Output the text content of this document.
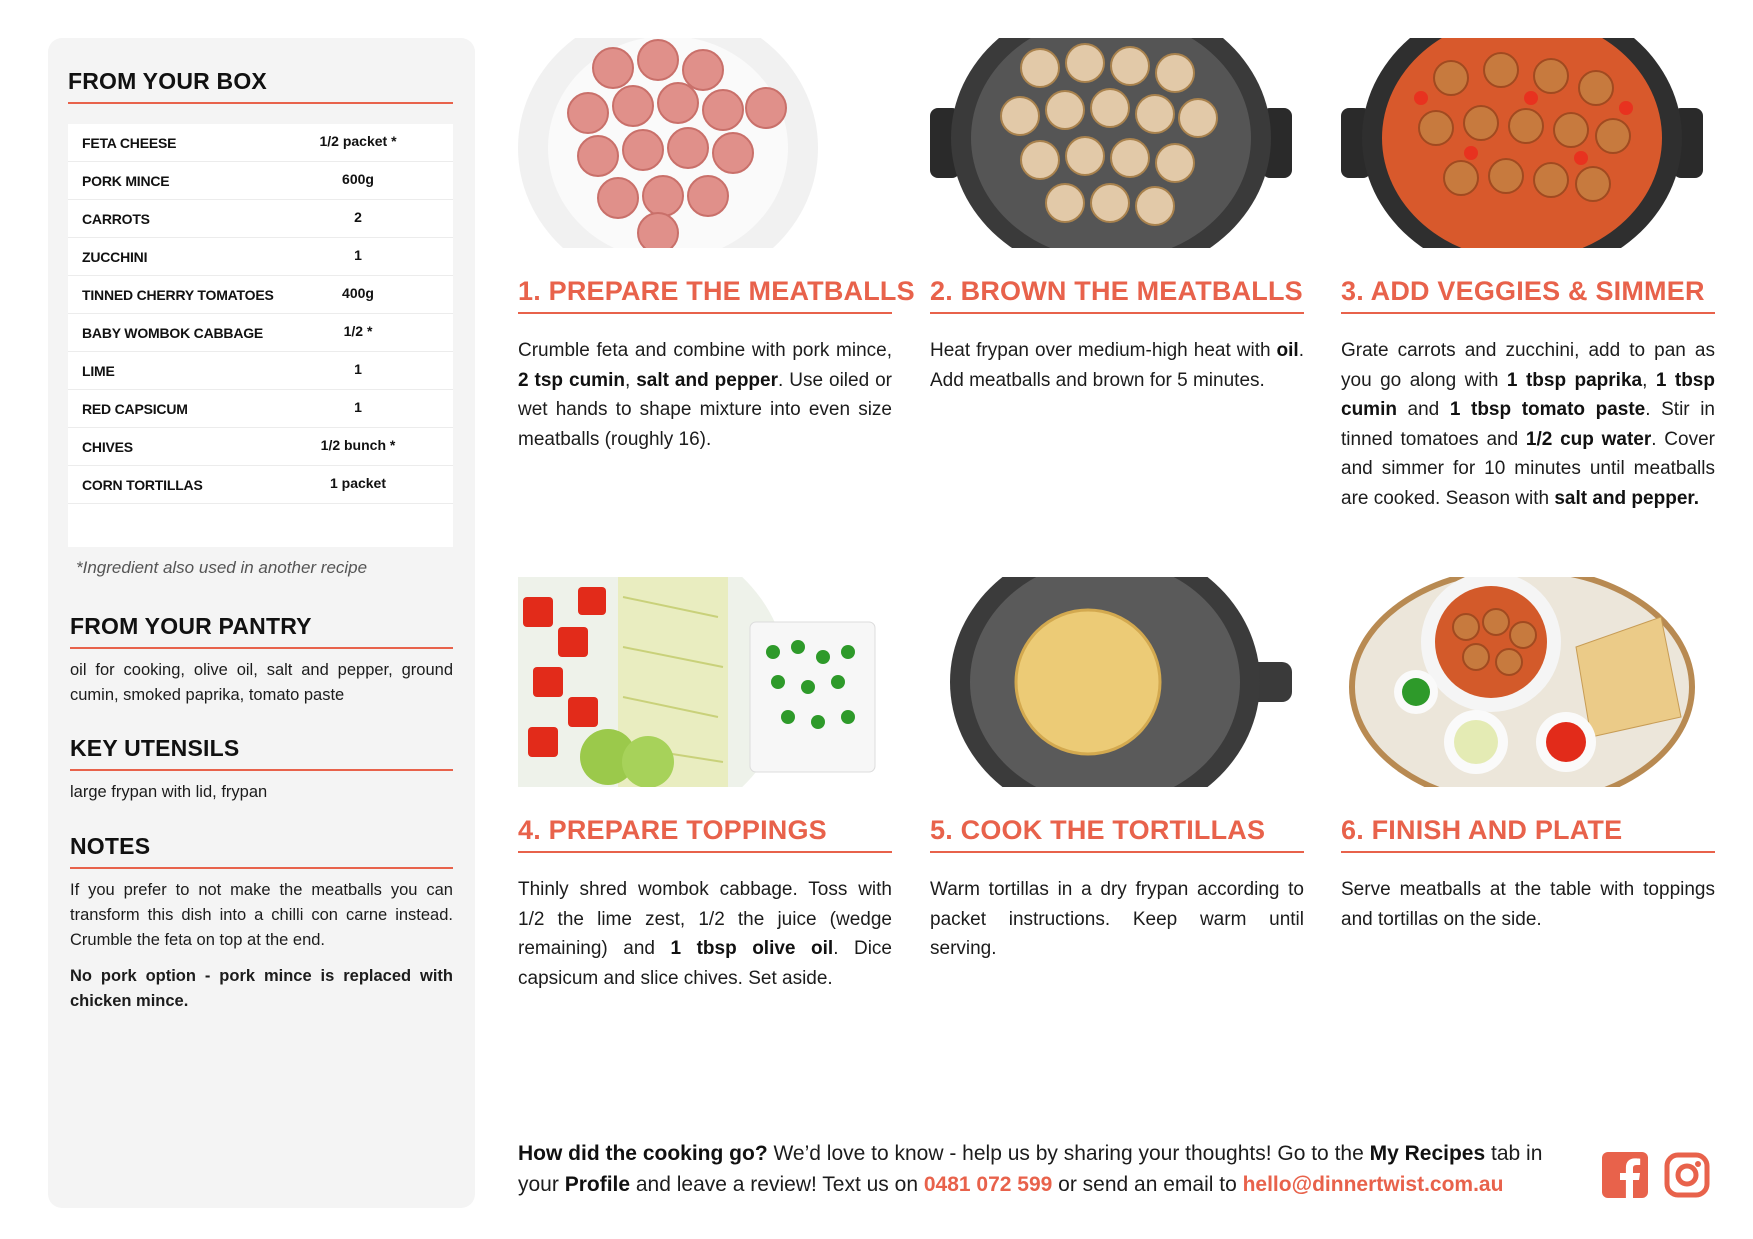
FROM YOUR BOX
FETA CHEESE	1/2 packet *
PORK MINCE	600g
CARROTS	2
ZUCCHINI	1
TINNED CHERRY TOMATOES	400g
BABY WOMBOK CABBAGE	1/2 *
LIME	1
RED CAPSICUM	1
CHIVES	1/2 bunch *
CORN TORTILLAS	1 packet
*Ingredient also used in another recipe
FROM YOUR PANTRY
oil for cooking, olive oil, salt and pepper, ground cumin, smoked paprika, tomato paste
KEY UTENSILS
large frypan with lid, frypan
NOTES
If you prefer to not make the meatballs you can transform this dish into a chilli con carne instead. Crumble the feta on top at the end.
No pork option - pork mince is replaced with chicken mince.
1. PREPARE THE MEATBALLS
Crumble feta and combine with pork mince, 2 tsp cumin, salt and pepper. Use oiled or wet hands to shape mixture into even size meatballs (roughly 16).
2. BROWN THE MEATBALLS
Heat frypan over medium-high heat with oil. Add meatballs and brown for 5 minutes.
3. ADD VEGGIES & SIMMER
Grate carrots and zucchini, add to pan as you go along with 1 tbsp paprika, 1 tbsp cumin and 1 tbsp tomato paste. Stir in tinned tomatoes and 1/2 cup water. Cover and simmer for 10 minutes until meatballs are cooked. Season with salt and pepper.
4. PREPARE TOPPINGS
Thinly shred wombok cabbage. Toss with 1/2 the lime zest, 1/2 the juice (wedge remaining) and 1 tbsp olive oil. Dice capsicum and slice chives. Set aside.
5. COOK THE TORTILLAS
Warm tortillas in a dry frypan according to packet instructions. Keep warm until serving.
6. FINISH AND PLATE
Serve meatballs at the table with toppings and tortillas on the side.
How did the cooking go? We’d love to know - help us by sharing your thoughts! Go to the My Recipes tab in your Profile and leave a review! Text us on 0481 072 599 or send an email to hello@dinnertwist.com.au
